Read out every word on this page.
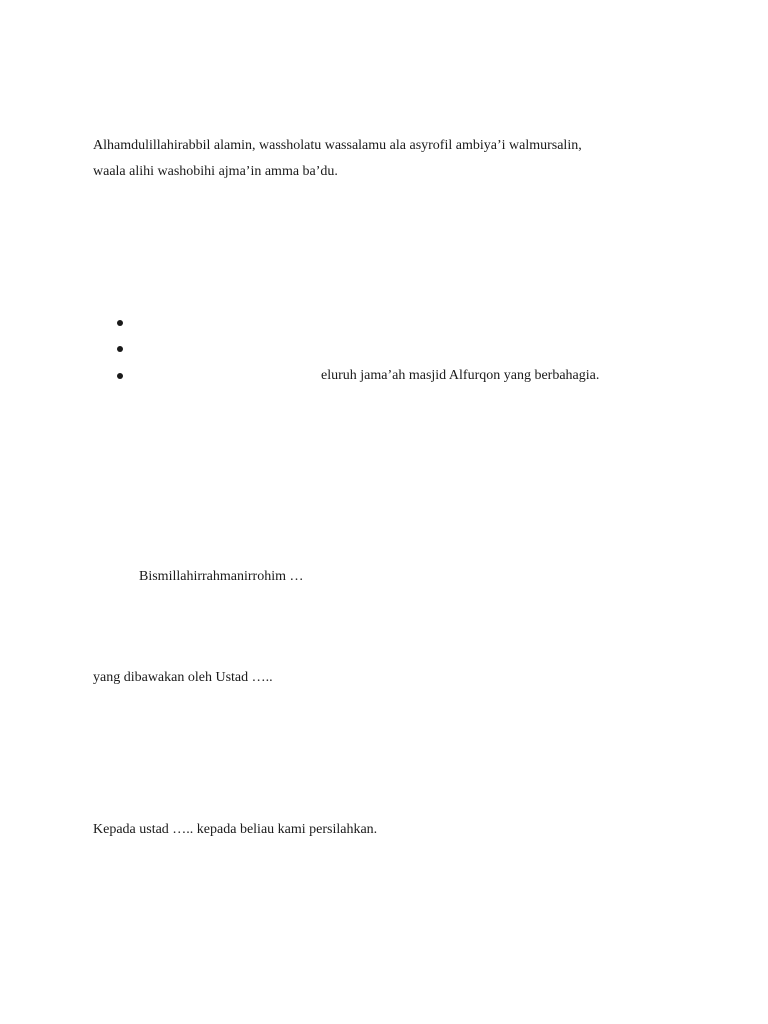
Alhamdulillahirabbil alamin, wassholatu wassalamu ala asyrofil ambiya’i walmursalin,
waala alihi washobihi ajma’in amma ba’du.
eluruh jama’ah masjid Alfurqon yang berbahagia.
Bismillahirrahmanirrohim …
yang dibawakan oleh Ustad …..
Kepada ustad ….. kepada beliau kami persilahkan.
